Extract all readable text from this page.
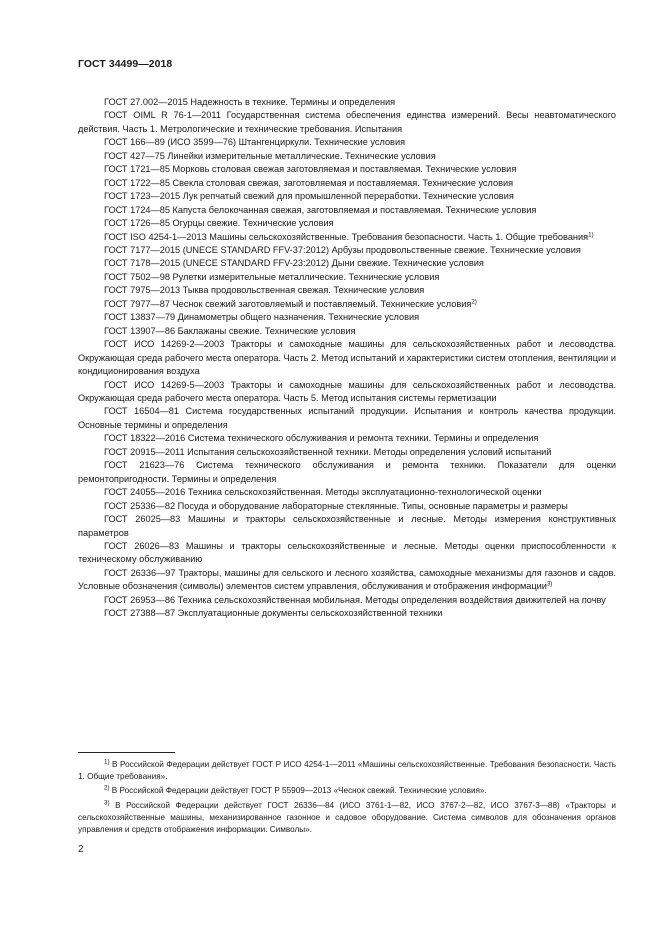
ГОСТ 34499—2018

ГОСТ 27.002—2015 Надежность в технике. Термины и определения

ГОСТ OIML R 76-1—2011 Государственная система обеспечения единства измерений. Весы неавтоматического действия. Часть 1. Метрологические и технические требования. Испытания

ГОСТ 166—89 (ИСО 3599—76) Штангенциркули. Технические условия

ГОСТ 427—75 Линейки измерительные металлические. Технические условия

ГОСТ 1721—85 Морковь столовая свежая заготовляемая и поставляемая. Технические условия

ГОСТ 1722—85 Свекла столовая свежая, заготовляемая и поставляемая. Технические условия

ГОСТ 1723—2015 Лук репчатый свежий для промышленной переработки. Технические условия

ГОСТ 1724—85 Капуста белокочанная свежая, заготовляемая и поставляемая. Технические условия

ГОСТ 1726—85 Огурцы свежие. Технические условия

ГОСТ ISO 4254-1—2013 Машины сельскохозяйственные. Требования безопасности. Часть 1. Общие требования$^{1)}$

ГОСТ 7177—2015 (UNECE STANDARD FFV-37:2012) Арбузы продовольственные свежие. Технические условия

ГОСТ 7178—2015 (UNECE STANDARD FFV-23:2012) Дыни свежие. Технические условия

ГОСТ 7502—98 Рулетки измерительные металлические. Технические условия

ГОСТ 7975—2013 Тыква продовольственная свежая. Технические условия

ГОСТ 7977—87 Чеснок свежий заготовляемый и поставляемый. Технические условия$^{2)}$

ГОСТ 13837—79 Динамометры общего назначения. Технические условия

ГОСТ 13907—86 Баклажаны свежие. Технические условия

ГОСТ ИСО 14269-2—2003 Тракторы и самоходные машины для сельскохозяйственных работ и лесоводства. Окружающая среда рабочего места оператора. Часть 2. Метод испытаний и характеристики систем отопления, вентиляции и кондиционирования воздуха

ГОСТ ИСО 14269-5—2003 Тракторы и самоходные машины для сельскохозяйственных работ и лесоводства. Окружающая среда рабочего места оператора. Часть 5. Метод испытания системы герметизации

ГОСТ 16504—81 Система государственных испытаний продукции. Испытания и контроль качества продукции. Основные термины и определения

ГОСТ 18322—2016 Система технического обслуживания и ремонта техники. Термины и определения

ГОСТ 20915—2011 Испытания сельскохозяйственной техники. Методы определения условий испытаний

ГОСТ 21623—76 Система технического обслуживания и ремонта техники. Показатели для оценки ремонтопригодности. Термины и определения

ГОСТ 24055—2016 Техника сельскохозяйственная. Методы эксплуатационно-технологической оценки

ГОСТ 25336—82 Посуда и оборудование лабораторные стеклянные. Типы, основные параметры и размеры

ГОСТ 26025—83 Машины и тракторы сельскохозяйственные и лесные. Методы измерения конструктивных параметров

ГОСТ 26026—83 Машины и тракторы сельскохозяйственные и лесные. Методы оценки приспособленности к техническому обслуживанию

ГОСТ 26336—97 Тракторы, машины для сельского и лесного хозяйства, самоходные механизмы для газонов и садов. Условные обозначения (символы) элементов систем управления, обслуживания и отображения информации$^{3)}$

ГОСТ 26953—86 Техника сельскохозяйственная мобильная. Методы определения воздействия движителей на почву

ГОСТ 27388—87 Эксплуатационные документы сельскохозяйственной техники

$^{1)}$ В Российской Федерации действует ГОСТ Р ИСО 4254-1—2011 «Машины сельскохозяйственные. Требования безопасности. Часть 1. Общие требования».

$^{2)}$ В Российской Федерации действует ГОСТ Р 55909—2013 «Чеснок свежий. Технические условия».

$^{3)}$ В Российской Федерации действует ГОСТ 26336—84 (ИСО 3761-1—82, ИСО 3767-2—82, ИСО 3767-3—88) «Тракторы и сельскохозяйственные машины, механизированное газонное и садовое оборудование. Система символов для обозначения органов управления и средств отображения информации. Символы».

2
